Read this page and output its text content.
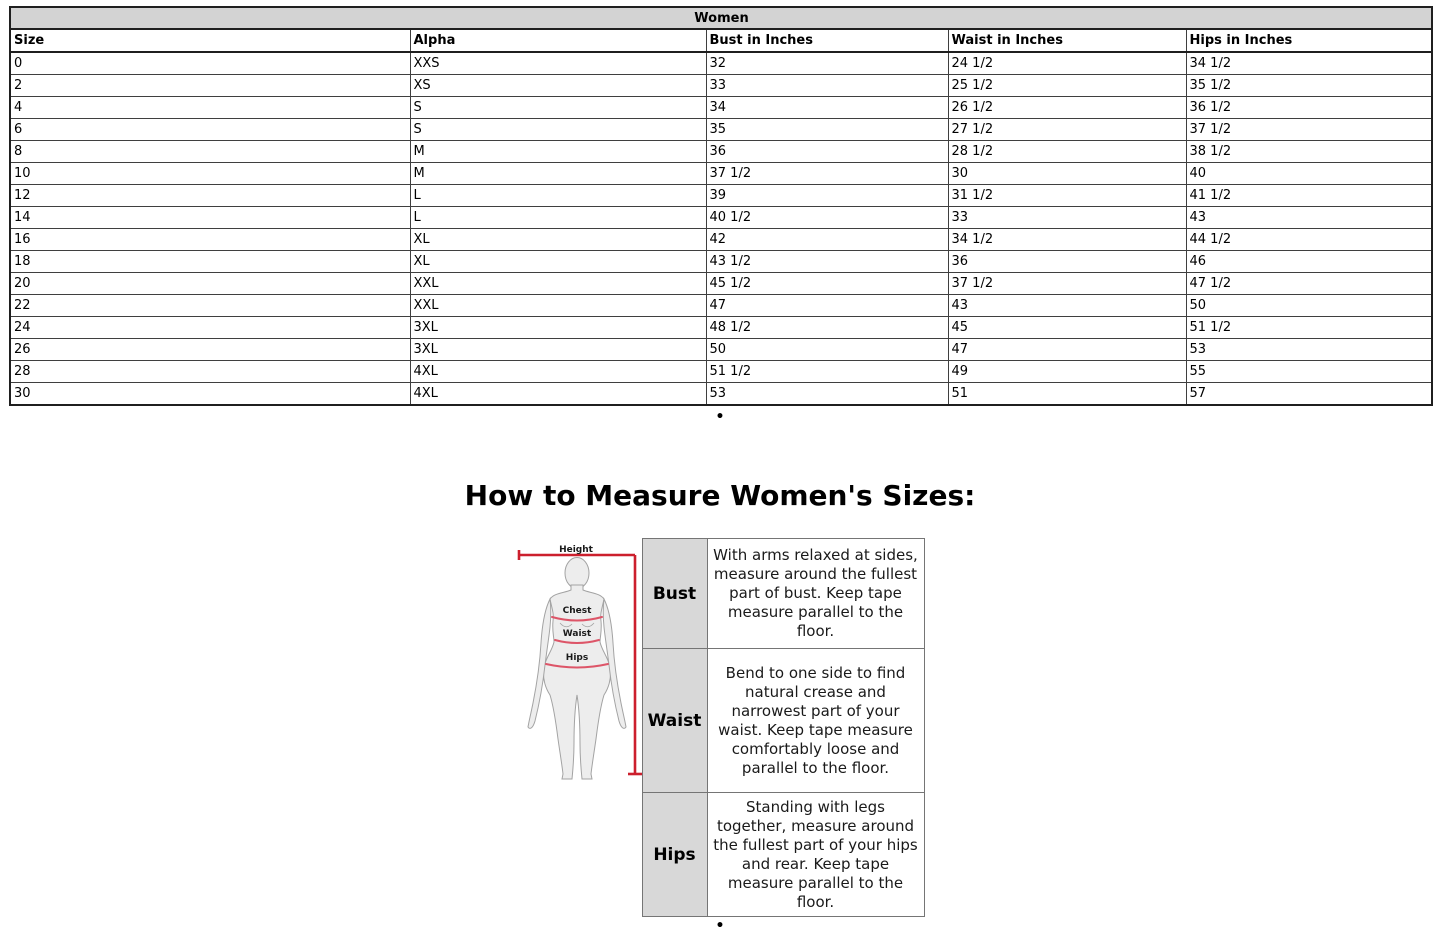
Women				
Size	Alpha	Bust in Inches	Waist in Inches	Hips in Inches
0	XXS	32	24 1/2	34 1/2
2	XS	33	25 1/2	35 1/2
4	S	34	26 1/2	36 1/2
6	S	35	27 1/2	37 1/2
8	M	36	28 1/2	38 1/2
10	M	37 1/2	30	40
12	L	39	31 1/2	41 1/2
14	L	40 1/2	33	43
16	XL	42	34 1/2	44 1/2
18	XL	43 1/2	36	46
20	XXL	45 1/2	37 1/2	47 1/2
22	XXL	47	43	50
24	3XL	48 1/2	45	51 1/2
26	3XL	50	47	53
28	4XL	51 1/2	49	55
30	4XL	53	51	57
•
How to Measure Women's Sizes:
Height
Chest
Waist
Hips
Bust	With arms relaxed at sides, measure around the fullest part of bust. Keep tape measure parallel to the floor.
Waist	Bend to one side to find natural crease and narrowest part of your waist. Keep tape measure comfortably loose and parallel to the floor.
Hips	Standing with legs together, measure around the fullest part of your hips and rear. Keep tape measure parallel to the floor.
•
